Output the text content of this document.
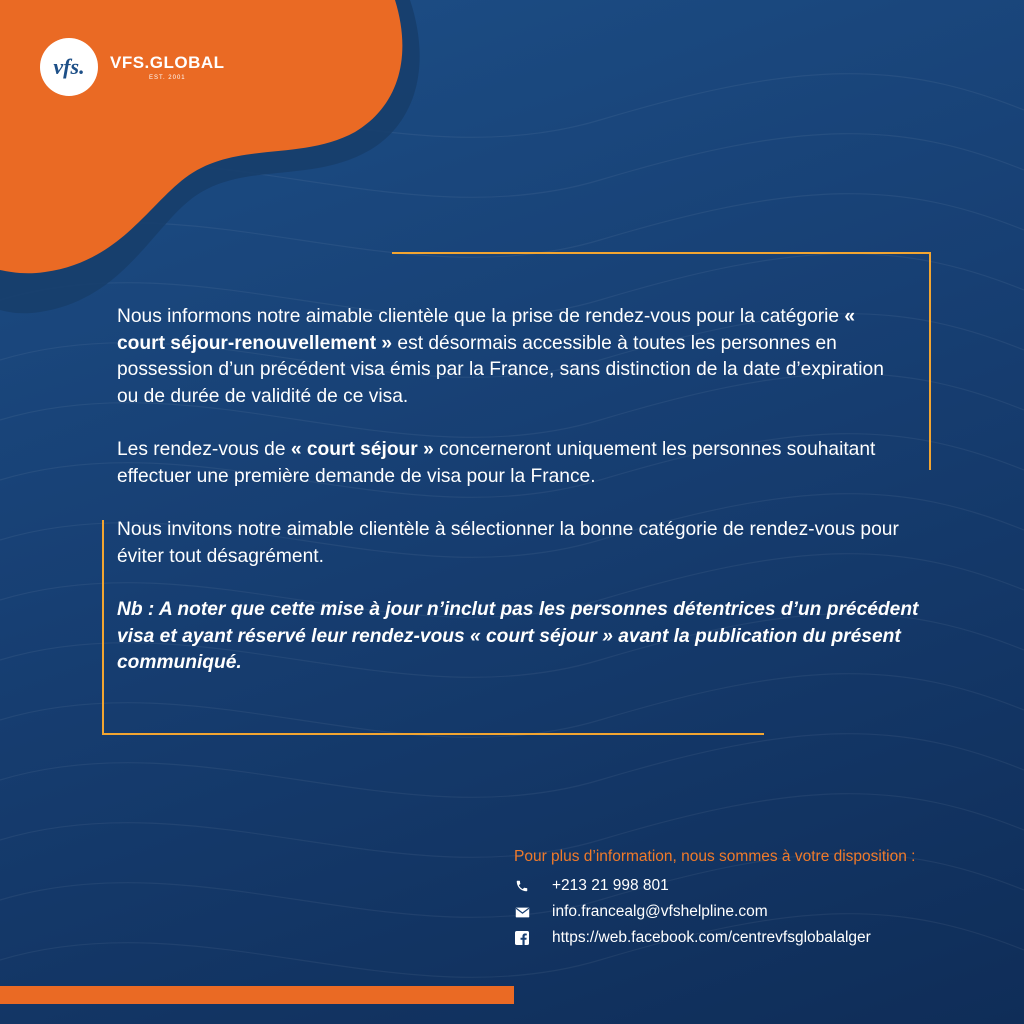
vfs.	VFS.GLOBAL
EST. 2001

Nous informons notre aimable clientèle que la prise de rendez-vous pour la catégorie « court séjour-renouvellement » est désormais accessible à toutes les personnes en possession d’un précédent visa émis par la France, sans distinction de la date d’expiration ou de durée de validité de ce visa.

Les rendez-vous de « court séjour » concerneront uniquement les personnes souhaitant effectuer une première demande de visa pour la France.

Nous invitons notre aimable clientèle à sélectionner la bonne catégorie de rendez-vous pour éviter tout désagrément.

Nb : A noter que cette mise à jour n’inclut pas les personnes détentrices d’un précédent visa et ayant réservé leur rendez-vous « court séjour » avant la publication du présent communiqué.

Pour plus d’information, nous sommes à votre disposition :
+213 21 998 801
info.francealg@vfshelpline.com
https://web.facebook.com/centrevfsglobalalger
